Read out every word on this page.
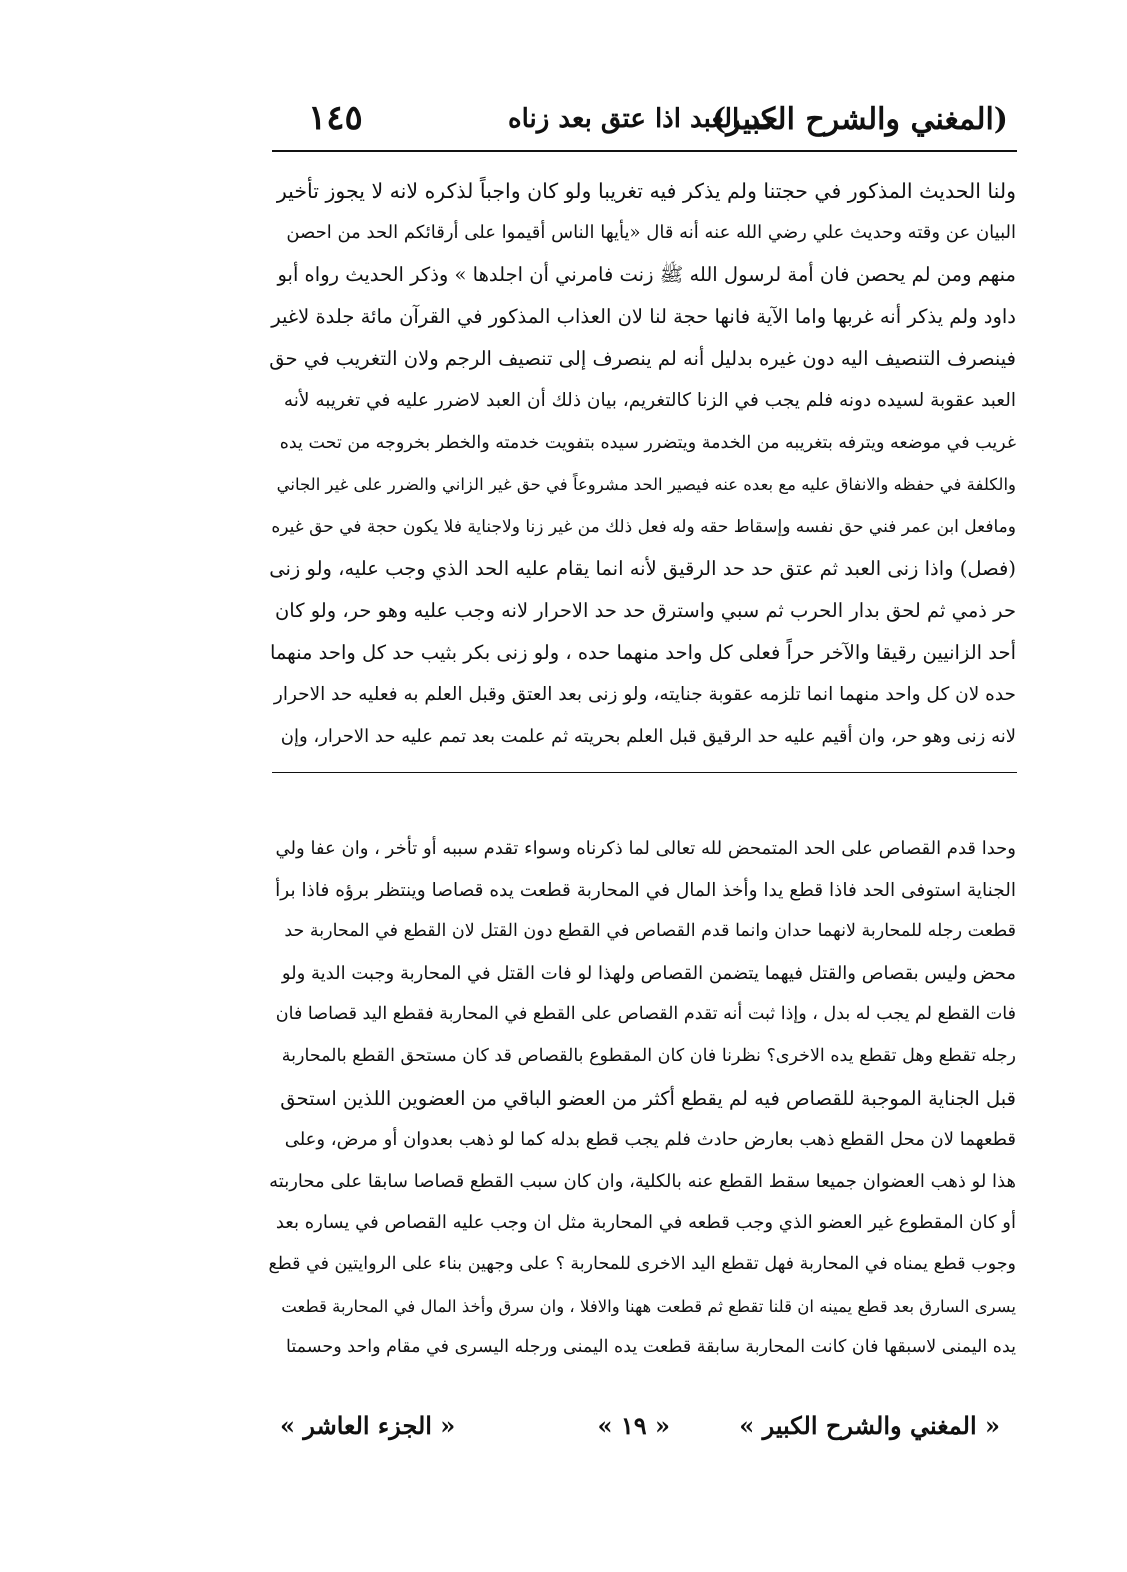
(المغني والشرح الكبير)
حد العبد اذا عتق بعد زناه
١٤٥
ولنا الحديث المذكور في حجتنا ولم يذكر فيه تغريبا ولو كان واجباً لذكره لانه لا يجوز تأخير
البيان عن وقته وحديث علي رضي الله عنه أنه قال «يأيها الناس أقيموا على أرقائكم الحد من احصن
منهم ومن لم يحصن فان أمة لرسول الله ﷺ زنت فامرني أن اجلدها » وذكر الحديث رواه أبو
داود ولم يذكر أنه غربها واما الآية فانها حجة لنا لان العذاب المذكور في القرآن مائة جلدة لاغير
فينصرف التنصيف اليه دون غيره بدليل أنه لم ينصرف إلى تنصيف الرجم ولان التغريب في حق
العبد عقوبة لسيده دونه فلم يجب في الزنا كالتغريم، بيان ذلك أن العبد لاضرر عليه في تغريبه لأنه
غريب في موضعه ويترفه بتغريبه من الخدمة ويتضرر سيده بتفويت خدمته والخطر بخروجه من تحت يده
والكلفة في حفظه والانفاق عليه مع بعده عنه فيصير الحد مشروعاً في حق غير الزاني والضرر على غير الجاني
ومافعل ابن عمر فني حق نفسه وإسقاط حقه وله فعل ذلك من غير زنا ولاجناية فلا يكون حجة في حق غيره
(فصل) واذا زنى العبد ثم عتق حد حد الرقيق لأنه انما يقام عليه الحد الذي وجب عليه، ولو زنى
حر ذمي ثم لحق بدار الحرب ثم سبي واسترق حد حد الاحرار لانه وجب عليه وهو حر، ولو كان
أحد الزانيين رقيقا والآخر حراً فعلى كل واحد منهما حده ، ولو زنى بكر بثيب حد كل واحد منهما
حده لان كل واحد منهما انما تلزمه عقوبة جنايته، ولو زنى بعد العتق وقبل العلم به فعليه حد الاحرار
لانه زنى وهو حر، وان أقيم عليه حد الرقيق قبل العلم بحريته ثم علمت بعد تمم عليه حد الاحرار، وإن
وحدا قدم القصاص على الحد المتمحض لله تعالى لما ذكرناه وسواء تقدم سببه أو تأخر ، وان عفا ولي
الجناية استوفى الحد فاذا قطع يدا وأخذ المال في المحاربة قطعت يده قصاصا وينتظر برؤه فاذا برأ
قطعت رجله للمحاربة لانهما حدان وانما قدم القصاص في القطع دون القتل لان القطع في المحاربة حد
محض وليس بقصاص والقتل فيهما يتضمن القصاص ولهذا لو فات القتل في المحاربة وجبت الدية ولو
فات القطع لم يجب له بدل ، وإذا ثبت أنه تقدم القصاص على القطع في المحاربة فقطع اليد قصاصا فان
رجله تقطع وهل تقطع يده الاخرى؟ نظرنا فان كان المقطوع بالقصاص قد كان مستحق القطع بالمحاربة
قبل الجناية الموجبة للقصاص فيه لم يقطع أكثر من العضو الباقي من العضوين اللذين استحق
قطعهما لان محل القطع ذهب بعارض حادث فلم يجب قطع بدله كما لو ذهب بعدوان أو مرض، وعلى
هذا لو ذهب العضوان جميعا سقط القطع عنه بالكلية، وان كان سبب القطع قصاصا سابقا على محاربته
أو كان المقطوع غير العضو الذي وجب قطعه في المحاربة مثل ان وجب عليه القصاص في يساره بعد
وجوب قطع يمناه في المحاربة فهل تقطع اليد الاخرى للمحاربة ؟ على وجهين بناء على الروايتين في قطع
يسرى السارق بعد قطع يمينه ان قلنا تقطع ثم قطعت ههنا والافلا ، وان سرق وأخذ المال في المحاربة قطعت
يده اليمنى لاسبقها فان كانت المحاربة سابقة قطعت يده اليمنى ورجله اليسرى في مقام واحد وحسمتا
« المغني والشرح الكبير »
« ١٩ »
« الجزء العاشر »
